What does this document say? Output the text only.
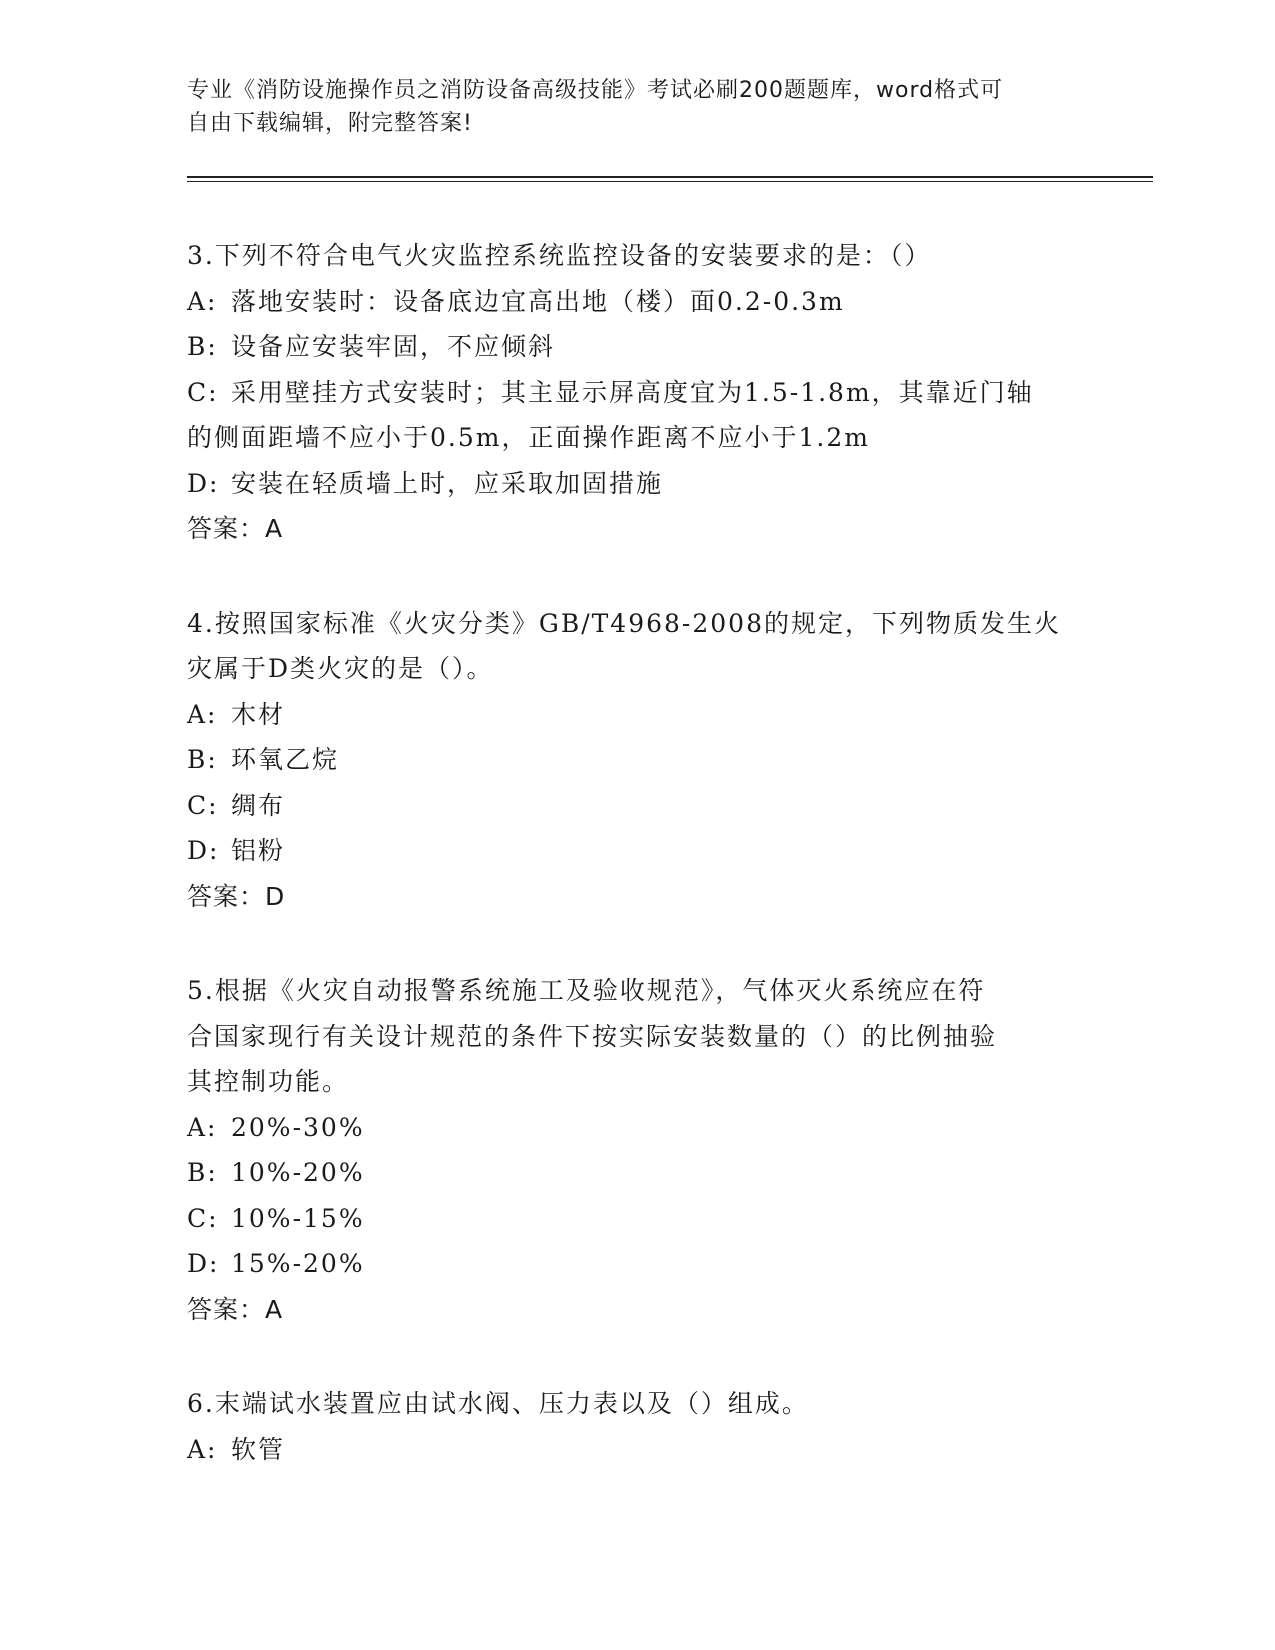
专业《消防设施操作员之消防设备高级技能》考试必刷200题题库，word格式可
自由下载编辑，附完整答案!
3.下列不符合电气火灾监控系统监控设备的安装要求的是：（）
A: 落地安装时：设备底边宜高出地（楼）面0.2-0.3m
B: 设备应安装牢固，不应倾斜
C: 采用壁挂方式安装时；其主显示屏高度宜为1.5-1.8m，其靠近门轴
的侧面距墙不应小于0.5m，正面操作距离不应小于1.2m
D: 安装在轻质墙上时，应采取加固措施
答案：A
4.按照国家标准《火灾分类》GB/T4968-2008的规定，下列物质发生火
灾属于D类火灾的是（）。
A: 木材
B: 环氧乙烷
C: 绸布
D: 铝粉
答案：D
5.根据《火灾自动报警系统施工及验收规范》，气体灭火系统应在符
合国家现行有关设计规范的条件下按实际安装数量的（）的比例抽验
其控制功能。
A: 20%-30%
B: 10%-20%
C: 10%-15%
D: 15%-20%
答案：A
6.末端试水装置应由试水阀、压力表以及（）组成。
A: 软管
